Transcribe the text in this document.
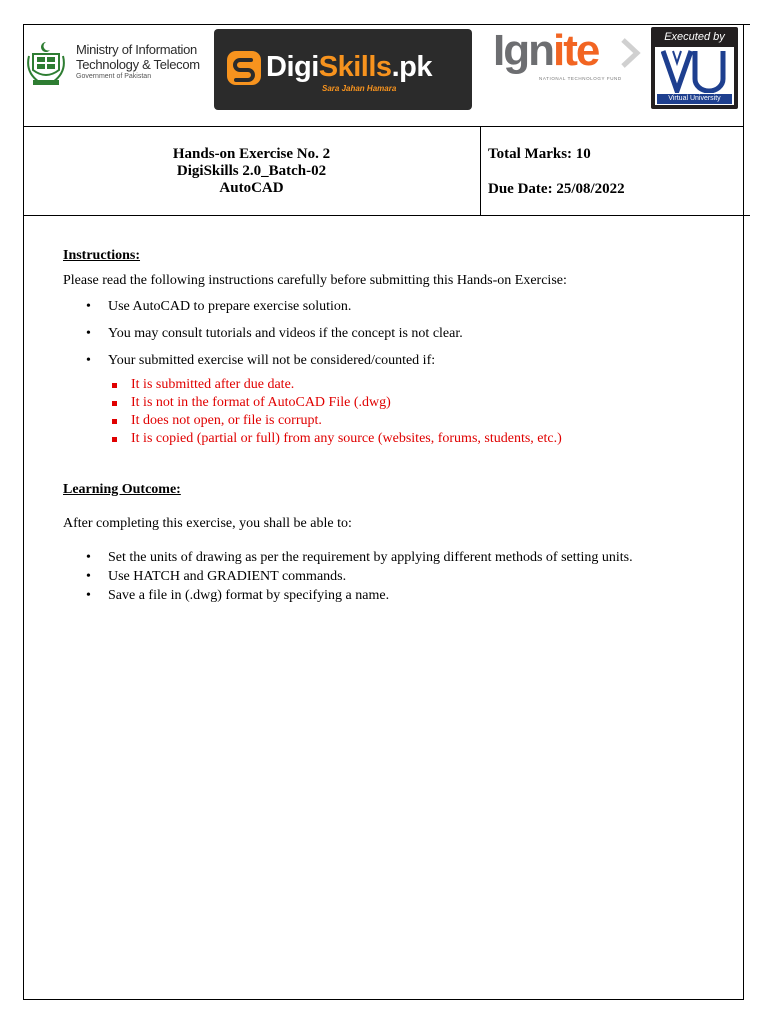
Ministry of Information
Technology & Telecom
Government of Pakistan	DigiSkills.pk
Sara Jahan Hamara
Ignite
NATIONAL TECHNOLOGY FUND
Executed by
Virtual University
Hands-on Exercise No. 2
DigiSkills 2.0_Batch-02
AutoCAD
Total Marks: 10
Due Date: 25/08/2022
Instructions:
Please read the following instructions carefully before submitting this Hands-on Exercise:
• Use AutoCAD to prepare exercise solution.
• You may consult tutorials and videos if the concept is not clear.
• Your submitted exercise will not be considered/counted if:
It is submitted after due date.
It is not in the format of AutoCAD File (.dwg)
It does not open, or file is corrupt.
It is copied (partial or full) from any source (websites, forums, students, etc.)
Learning Outcome:
After completing this exercise, you shall be able to:
• Set the units of drawing as per the requirement by applying different methods of setting units.
• Use HATCH and GRADIENT commands.
• Save a file in (.dwg) format by specifying a name.
